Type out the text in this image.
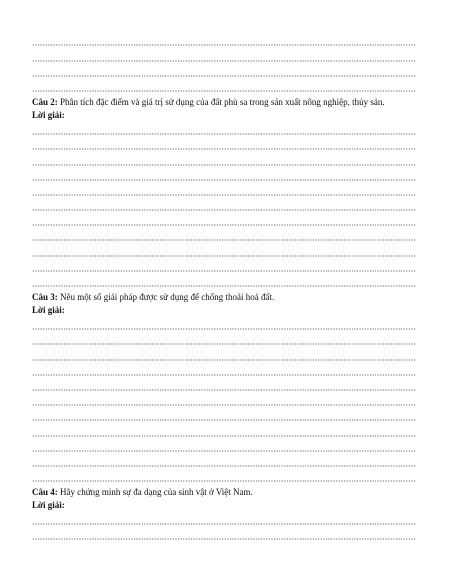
Câu 2: Phân tích đặc điểm và giá trị sử dụng của đất phù sa trong sản xuất nông nghiệp, thủy sản.
Lời giải:
Câu 3: Nêu một số giải pháp được sử dụng để chống thoái hoá đất.
Lời giải:
Câu 4: Hãy chứng minh sự đa dạng của sinh vật ở Việt Nam.
Lời giải:
